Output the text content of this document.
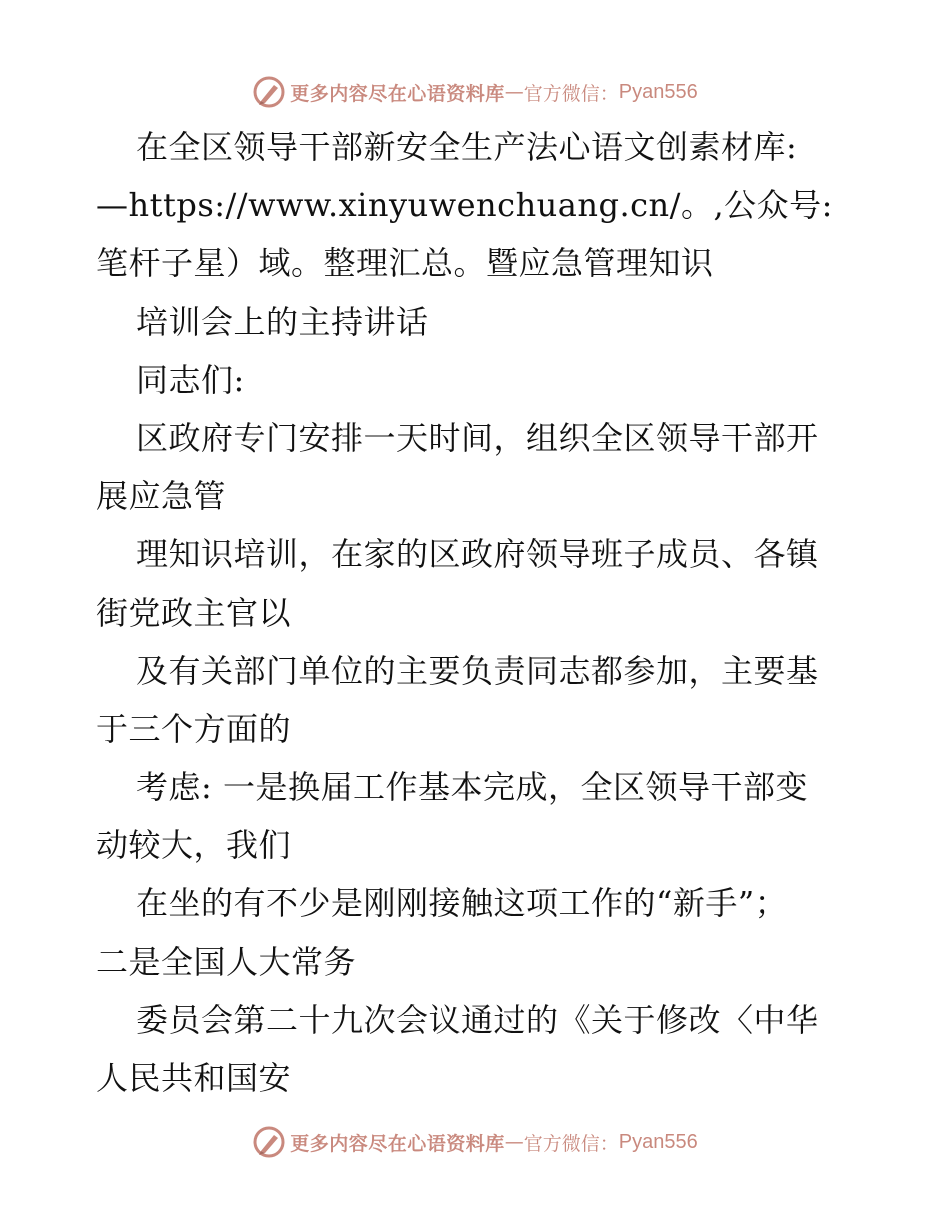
更多内容尽在心语资料库 — 官方微信： Pyan556
在全区领导干部新安全生产法心语文创素材库:
—https://www.xinyuwenchuang.cn/。,公众号:
笔杆子星）域。整理汇总。暨应急管理知识
培训会上的主持讲话
同志们:
区政府专门安排一天时间，组织全区领导干部开
展应急管
理知识培训，在家的区政府领导班子成员、各镇
街党政主官以
及有关部门单位的主要负责同志都参加，主要基
于三个方面的
考虑: 一是换届工作基本完成，全区领导干部变
动较大，我们
在坐的有不少是刚刚接触这项工作的“新手”；
二是全国人大常务
委员会第二十九次会议通过的《关于修改〈中华
人民共和国安
更多内容尽在心语资料库 — 官方微信： Pyan556
